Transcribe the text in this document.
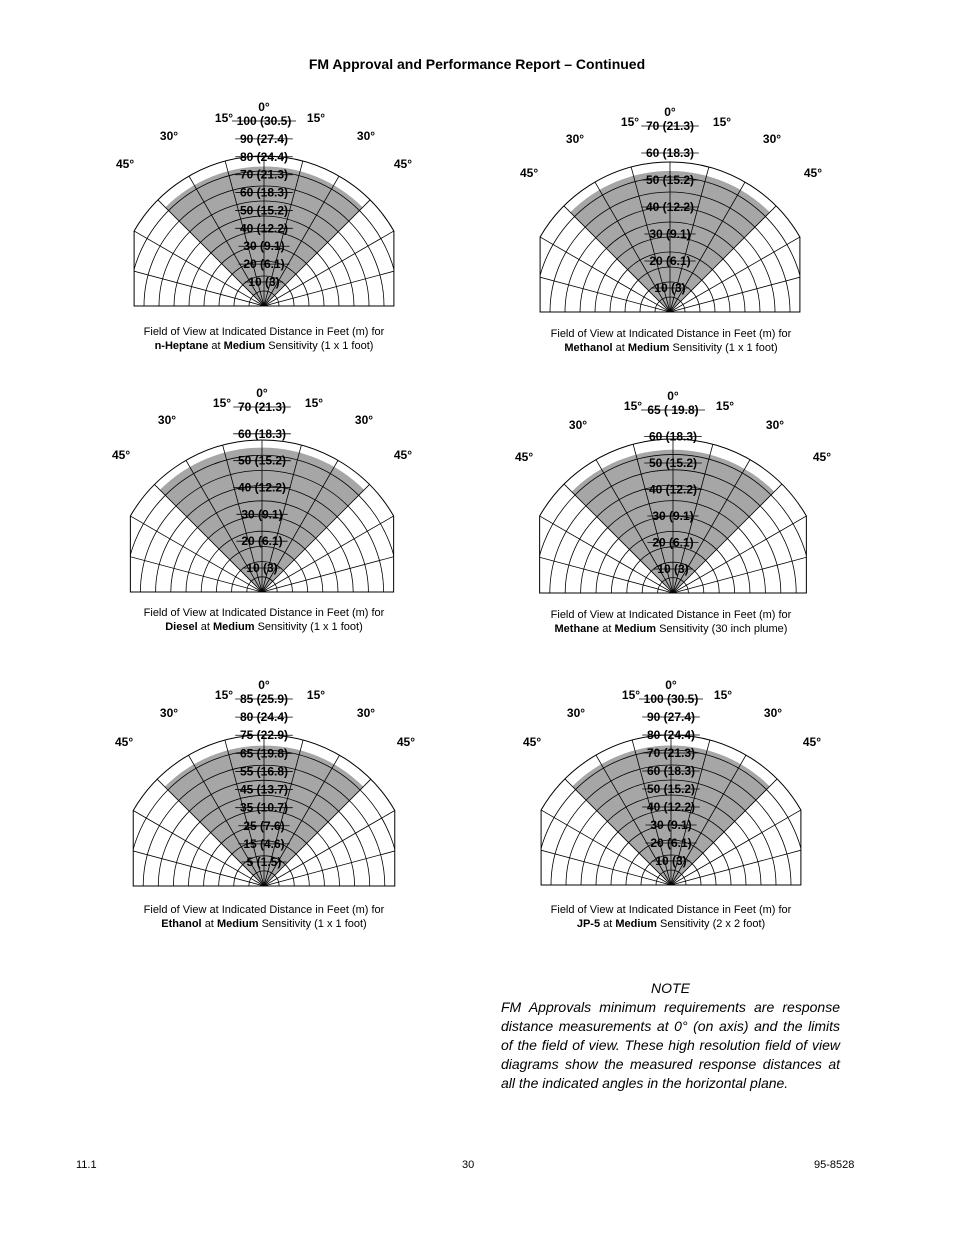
FM Approval and Performance Report – Continued
100 (30.5)
90 (27.4)
80 (24.4)
70 (21.3)
60 (18.3)
50 (15.2)
40 (12.2)
30 (9.1)
20 (6.1)
10 (3)
0°
15°	15°
30°	30°
45°	45°
Field of View at Indicated Distance in Feet (m) for
n-Heptane at Medium Sensitivity (1 x 1 foot)
70 (21.3)
60 (18.3)
50 (15.2)
40 (12.2)
30 (9.1)
20 (6.1)
10 (3)
0°
15°	15°
30°	30°
45°	45°
Field of View at Indicated Distance in Feet (m) for
Methanol at Medium Sensitivity (1 x 1 foot)
70 (21.3)
60 (18.3)
50 (15.2)
40 (12.2)
30 (9.1)
20 (6.1)
10 (3)
0°
15°	15°
30°	30°
45°	45°
Field of View at Indicated Distance in Feet (m) for
Diesel at Medium Sensitivity (1 x 1 foot)
65 ( 19.8)
60 (18.3)
50 (15.2)
40 (12.2)
30 (9.1)
20 (6.1)
10 (3)
0°
15°	15°
30°	30°
45°	45°
Field of View at Indicated Distance in Feet (m) for
Methane at Medium Sensitivity (30 inch plume)
85 (25.9)
80 (24.4)
75 (22.9)
65 (19.8)
55 (16.8)
45 (13.7)
35 (10.7)
25 (7.6)
15 (4.6)
5 (1.5)
0°
15°	15°
30°	30°
45°	45°
Field of View at Indicated Distance in Feet (m) for
Ethanol at Medium Sensitivity (1 x 1 foot)
100 (30.5)
90 (27.4)
80 (24.4)
70 (21.3)
60 (18.3)
50 (15.2)
40 (12.2)
30 (9.1)
20 (6.1)
10 (3)
0°
15°	15°
30°	30°
45°	45°
Field of View at Indicated Distance in Feet (m) for
JP-5 at Medium Sensitivity (2 x 2 foot)
NOTE
FM Approvals minimum requirements are response distance measurements at 0° (on axis) and the limits of the field of view. These high resolution field of view diagrams show the measured response distances at all the indicated angles in the horizontal plane.
11.1	30	95-8528
